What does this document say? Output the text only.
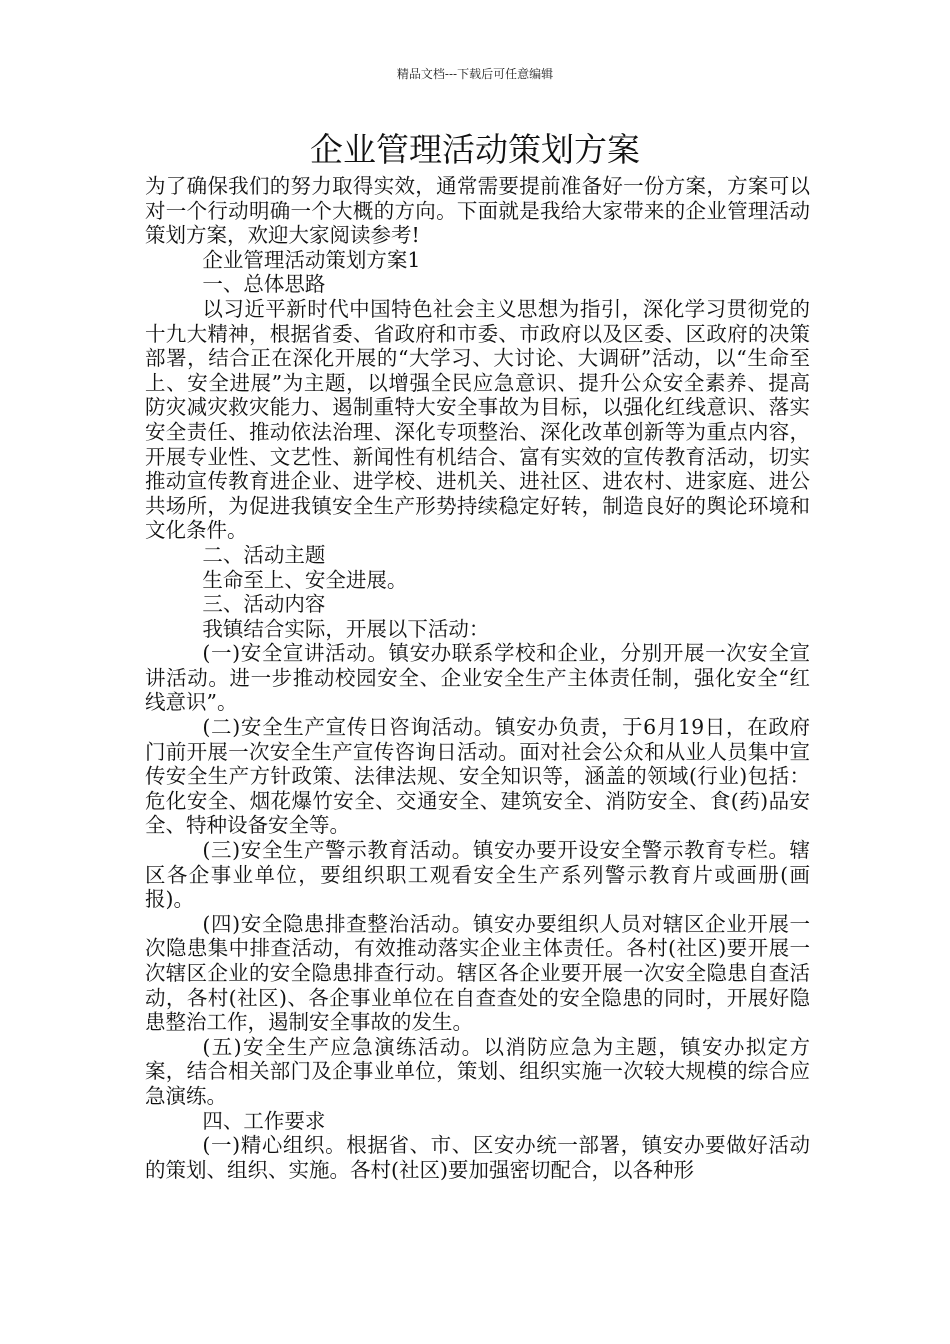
精品文档---下载后可任意编辑
企业管理活动策划方案

为了确保我们的努力取得实效，通常需要提前准备好一份方案，方案可以对一个行动明确一个大概的方向。下面就是我给大家带来的企业管理活动策划方案，欢迎大家阅读参考!

企业管理活动策划方案1

一、总体思路

以习近平新时代中国特色社会主义思想为指引，深化学习贯彻党的十九大精神，根据省委、省政府和市委、市政府以及区委、区政府的决策部署，结合正在深化开展的“大学习、大讨论、大调研”活动，以“生命至上、安全进展”为主题，以增强全民应急意识、提升公众安全素养、提高防灾减灾救灾能力、遏制重特大安全事故为目标，以强化红线意识、落实安全责任、推动依法治理、深化专项整治、深化改革创新等为重点内容，开展专业性、文艺性、新闻性有机结合、富有实效的宣传教育活动，切实推动宣传教育进企业、进学校、进机关、进社区、进农村、进家庭、进公共场所，为促进我镇安全生产形势持续稳定好转，制造良好的舆论环境和文化条件。

二、活动主题

生命至上、安全进展。

三、活动内容

我镇结合实际，开展以下活动：

(一)安全宣讲活动。镇安办联系学校和企业，分别开展一次安全宣讲活动。进一步推动校园安全、企业安全生产主体责任制，强化安全“红线意识”。

(二)安全生产宣传日咨询活动。镇安办负责，于6月19日，在政府门前开展一次安全生产宣传咨询日活动。面对社会公众和从业人员集中宣传安全生产方针政策、法律法规、安全知识等，涵盖的领域(行业)包括：危化安全、烟花爆竹安全、交通安全、建筑安全、消防安全、食(药)品安全、特种设备安全等。

(三)安全生产警示教育活动。镇安办要开设安全警示教育专栏。辖区各企事业单位，要组织职工观看安全生产系列警示教育片或画册(画报)。

(四)安全隐患排查整治活动。镇安办要组织人员对辖区企业开展一次隐患集中排查活动，有效推动落实企业主体责任。各村(社区)要开展一次辖区企业的安全隐患排查行动。辖区各企业要开展一次安全隐患自查活动，各村(社区)、各企事业单位在自查查处的安全隐患的同时，开展好隐患整治工作，遏制安全事故的发生。

(五)安全生产应急演练活动。以消防应急为主题，镇安办拟定方案，结合相关部门及企事业单位，策划、组织实施一次较大规模的综合应急演练。

四、工作要求

(一)精心组织。根据省、市、区安办统一部署，镇安办要做好活动的策划、组织、实施。各村(社区)要加强密切配合，以各种形
